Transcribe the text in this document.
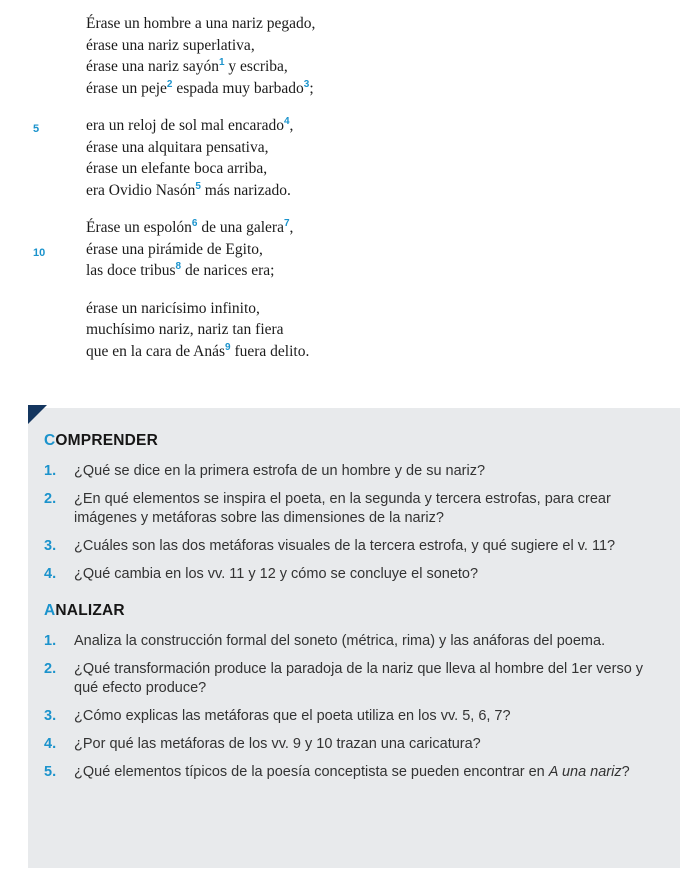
Érase un hombre a una nariz pegado,
érase una nariz superlativa,
érase una nariz sayón$^1$ y escriba,
érase un peje$^2$ espada muy barbado$^3$;
5	era un reloj de sol mal encarado$^4$,
érase una alquitara pensativa,
érase un elefante boca arriba,
era Ovidio Nasón$^5$ más narizado.
Érase un espolón$^6$ de una galera$^7$,
10	érase una pirámide de Egito,
las doce tribus$^8$ de narices era;
érase un naricísimo infinito,
muchísimo nariz, nariz tan fiera
que en la cara de Anás$^9$ fuera delito.
COMPRENDER
1.	¿Qué se dice en la primera estrofa de un hombre y de su nariz?
2.	¿En qué elementos se inspira el poeta, en la segunda y tercera estrofas, para crear imágenes y metáforas sobre las dimensiones de la nariz?
3.	¿Cuáles son las dos metáforas visuales de la tercera estrofa, y qué sugiere el v. 11?
4.	¿Qué cambia en los vv. 11 y 12 y cómo se concluye el soneto?
ANALIZAR
1.	Analiza la construcción formal del soneto (métrica, rima) y las anáforas del poema.
2.	¿Qué transformación produce la paradoja de la nariz que lleva al hombre del 1er verso y qué efecto produce?
3.	¿Cómo explicas las metáforas que el poeta utiliza en los vv. 5, 6, 7?
4.	¿Por qué las metáforas de los vv. 9 y 10 trazan una caricatura?
5.	¿Qué elementos típicos de la poesía conceptista se pueden encontrar en A una nariz?
